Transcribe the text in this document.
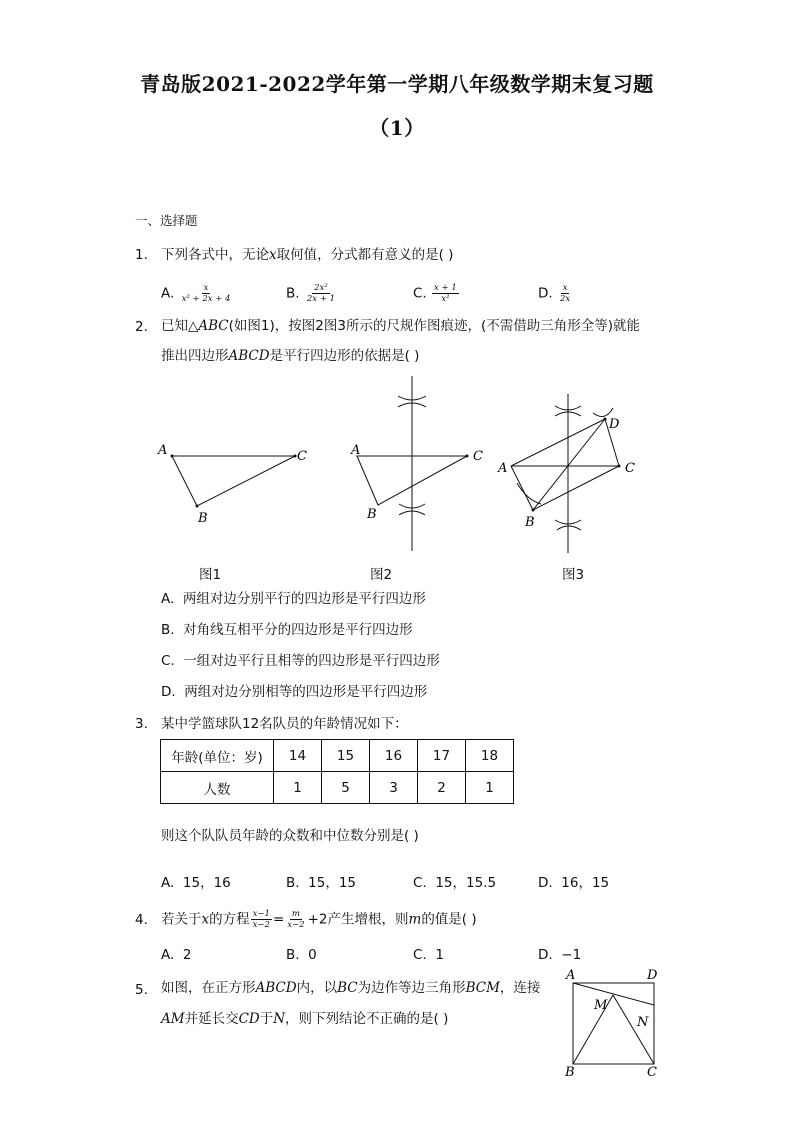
青岛版2021-2022学年第一学期八年级数学期末复习题
（1）
一、选择题
1. 下列各式中，无论x取何值，分式都有意义的是( )
A. $\frac{x}{\text{x² + 2x + 4}}$	B. $\frac{\text{2x²}}{2x + 1}$	C. $\frac{x + 1}{\text{x²}}$	D. $\frac{x}{2x}$
2. 已知△ABC(如图1)，按图2图3所示的尺规作图痕迹，(不需借助三角形全等)就能
推出四边形ABCD是平行四边形的依据是( )
A	C
B
图1
A	C
B
图2
A	C
D
B
图3
A. 两组对边分别平行的四边形是平行四边形
B. 对角线互相平分的四边形是平行四边形
C. 一组对边平行且相等的四边形是平行四边形
D. 两组对边分别相等的四边形是平行四边形
3. 某中学篮球队12名队员的年龄情况如下：
年龄(单位：岁)	14	15	16	17	18
人数	1	5	3	2	1
则这个队队员年龄的众数和中位数分别是( )
A. 15，16	B. 15，15	C. 15，15.5	D. 16，15
4. 若关于x的方程 $\frac{x-1}{x-2} = \frac{m}{x-2} +2$产生增根，则m的值是( )
A. 2	B. 0	C. 1	D. −1
5. 如图，在正方形ABCD内，以BC为边作等边三角形BCM，连接
AM并延长交CD于N，则下列结论不正确的是( )
A	D
B	C
M
N
